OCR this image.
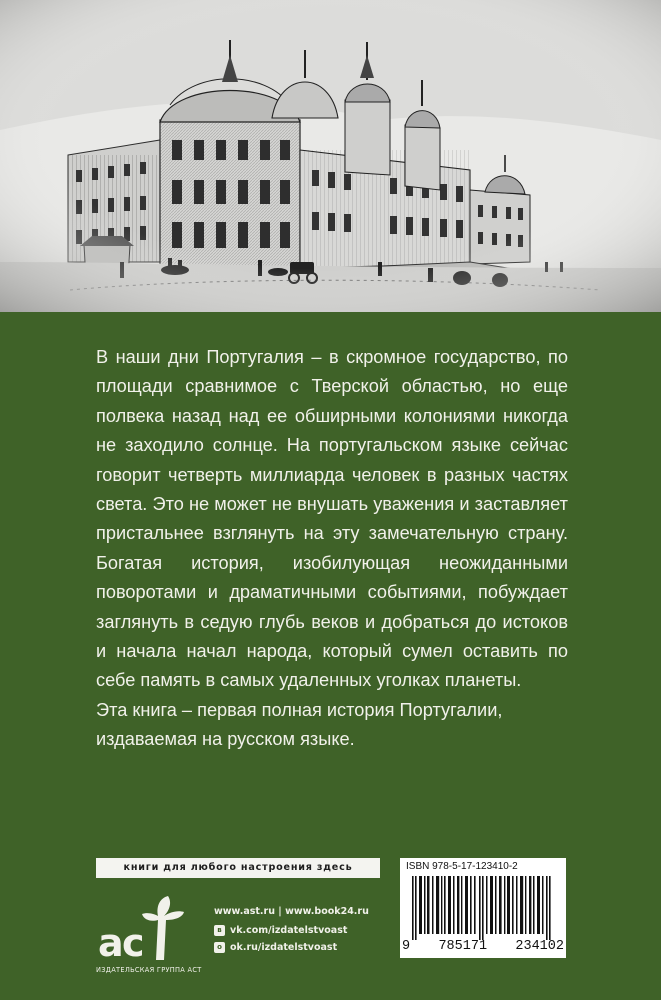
В наши дни Португалия – в скромное государство, по площади сравнимое с Тверской областью, но еще полвека назад над ее обширными колониями никогда не заходило солнце. На португальском языке сейчас говорит четверть миллиарда человек в разных частях света. Это не может не внушать уважения и заставляет пристальнее взглянуть на эту замечательную страну. Богатая история, изобилующая неожиданными поворотами и драматичными событиями, побуждает заглянуть в седую глубь веков и добраться до истоков и начала начал народа, который сумел оставить по себе память в самых удаленных уголках планеты.

Эта книга – первая полная история Португалии, издаваемая на русском языке.

книги для любого настроения здесь
a
c
ИЗДАТЕЛЬСКАЯ ГРУППА АСТ
www.ast.ru | www.book24.ru
в vk.com/izdatelstvoast
о ok.ru/izdatelstvoast
ISBN 978-5-17-123410-2
9 785171 234102
